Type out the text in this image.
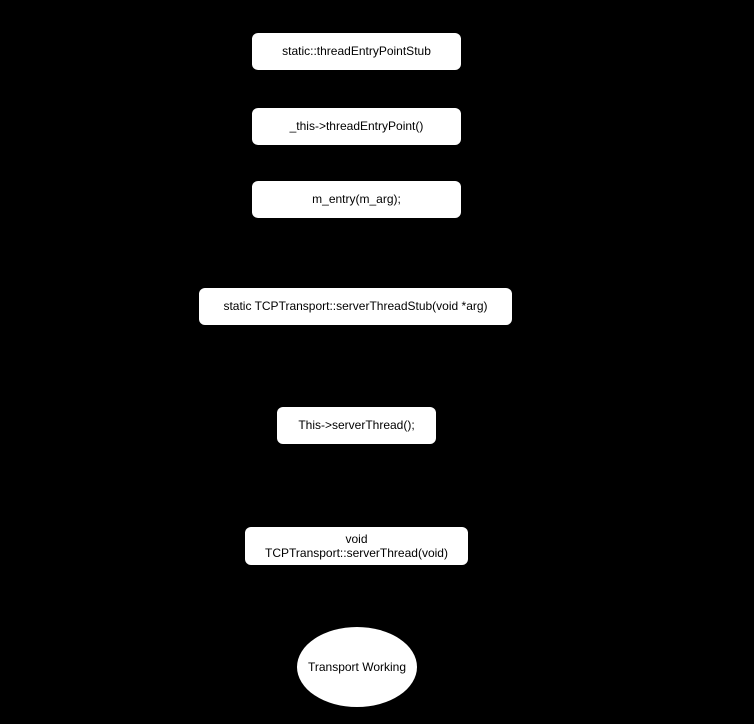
static::threadEntryPointStub
_this->threadEntryPoint()
m_entry(m_arg);
static TCPTransport::serverThreadStub(void *arg)
This->serverThread();
void
TCPTransport::serverThread(void)
Transport Working
